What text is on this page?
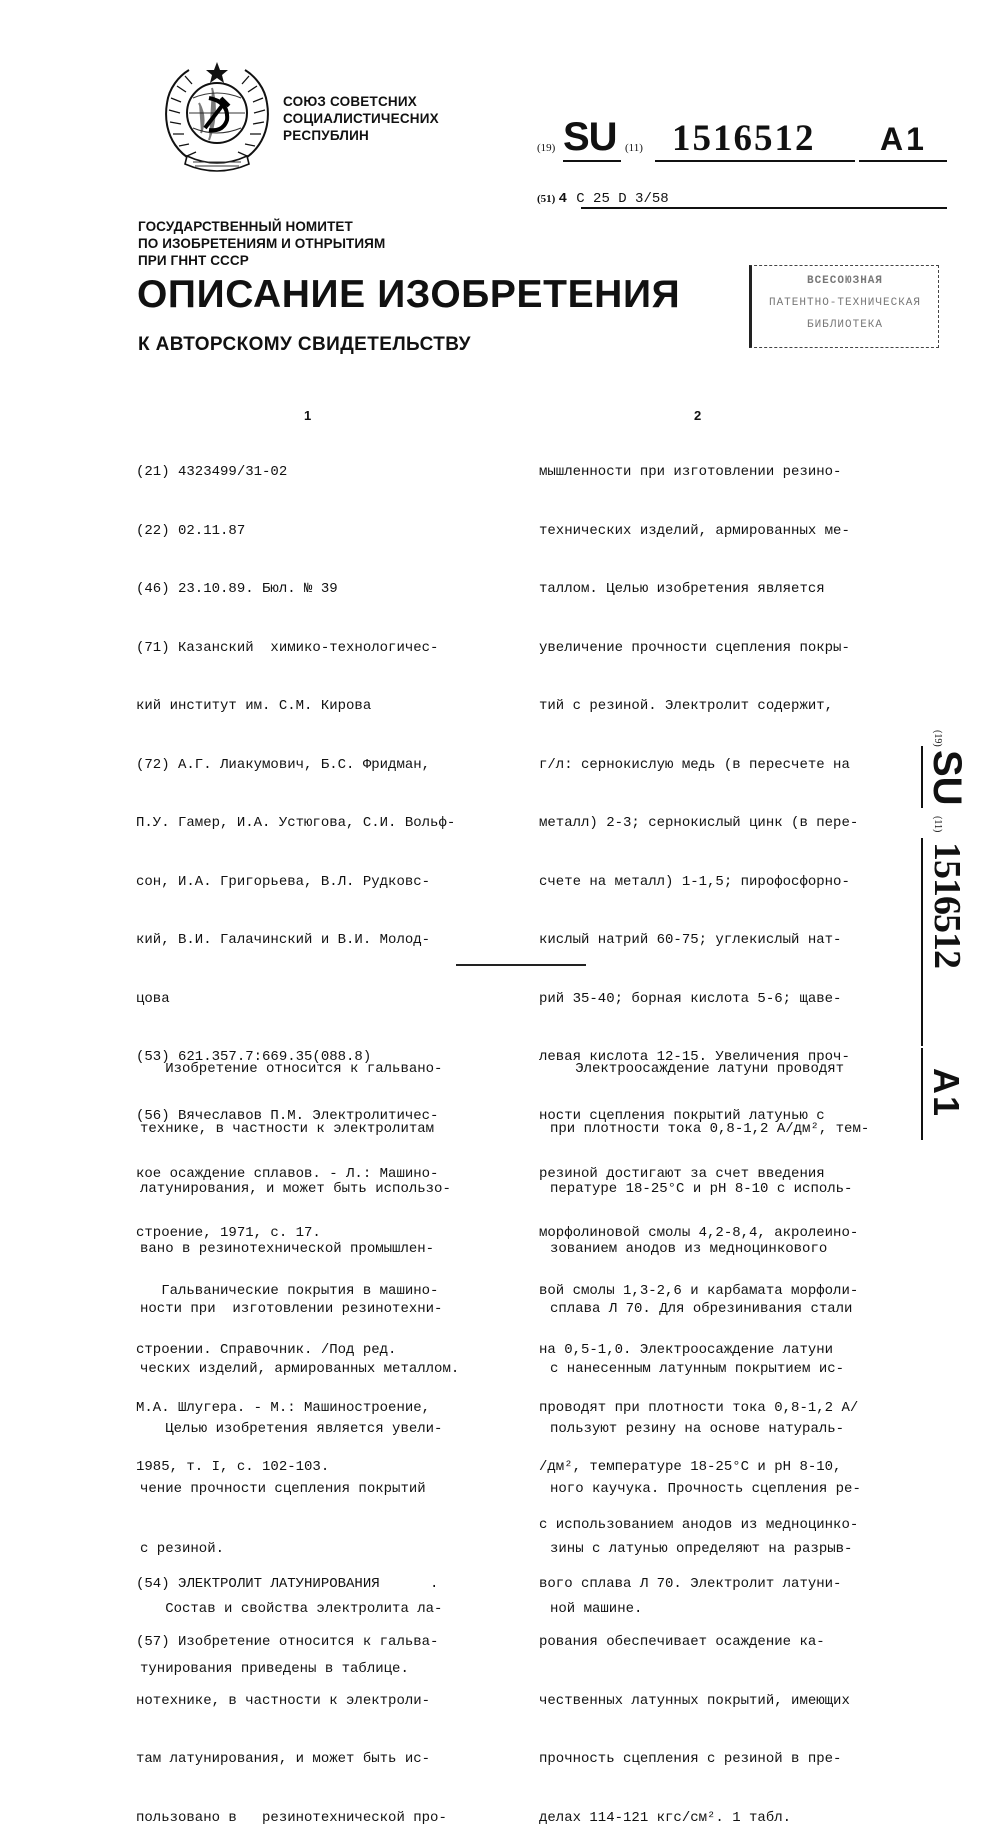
СОЮЗ СОВЕТСНИХ
СОЦИАЛИСТИЧЕСНИХ
РЕСПУБЛИН
(19) SU (11) 1516512 A1
(51) 4 C 25 D 3/58
ГОСУДАРСТВЕННЫЙ НОМИТЕТ
ПО ИЗОБРЕТЕНИЯМ И ОТНРЫТИЯМ
ПРИ ГННТ СССР
ОПИСАНИЕ ИЗОБРЕТЕНИЯ
К АВТОРСКОМУ СВИДЕТЕЛЬСТВУ
ВСЕСОЮЗНАЯ
ПАТЕНТНО-ТЕХНИЧЕСКАЯ
БИБЛИОТЕКА
1	2

(21) 4323499/31-02

(22) 02.11.87

(46) 23.10.89. Бюл. № 39

(71) Казанский  химико-технологичес-

кий институт им. С.М. Кирова

(72) А.Г. Лиакумович, Б.С. Фридман,

П.У. Гамер, И.А. Устюгова, С.И. Вольф-

сон, И.А. Григорьева, В.Л. Рудковс-

кий, В.И. Галачинский и В.И. Молод-

цова

(53) 621.357.7:669.35(088.8)

(56) Вячеславов П.М. Электролитичес-

кое осаждение сплавов. - Л.: Машино-

строение, 1971, с. 17.

Гальванические покрытия в машино-

строении. Справочник. /Под ред.

М.А. Шлугера. - М.: Машиностроение,

1985, т. I, с. 102-103.

(54) ЭЛЕКТРОЛИТ ЛАТУНИРОВАНИЯ      .

(57) Изобретение относится к гальва-

нотехнике, в частности к электроли-

там латунирования, и может быть ис-

пользовано в   резинотехнической про-

мышленности при изготовлении резино-

технических изделий, армированных ме-

таллом. Целью изобретения является

увеличение прочности сцепления покры-

тий с резиной. Электролит содержит,

г/л: сернокислую медь (в пересчете на

металл) 2-3; сернокислый цинк (в пере-

счете на металл) 1-1,5; пирофосфорно-

кислый натрий 60-75; углекислый нат-

рий 35-40; борная кислота 5-6; щаве-

левая кислота 12-15. Увеличения проч-

ности сцепления покрытий латунью с

резиной достигают за счет введения

морфолиновой смолы 4,2-8,4, акролеино-

вой смолы 1,3-2,6 и карбамата морфоли-

на 0,5-1,0. Электроосаждение латуни

проводят при плотности тока 0,8-1,2 А/

/дм², температуре 18-25°С и рН 8-10,

с использованием анодов из медноцинко-

вого сплава Л 70. Электролит латуни-

рования обеспечивает осаждение ка-

чественных латунных покрытий, имеющих

прочность сцепления с резиной в пре-

делах 114-121 кгс/см². 1 табл.

(19)
SU
(11)
1516512
A1

Изобретение относится к гальвано-

технике, в частности к электролитам

латунирования, и может быть использо-

вано в резинотехнической промышлен-

ности при  изготовлении резинотехни-

ческих изделий, армированных металлом.

Целью изобретения является увели-

чение прочности сцепления покрытий

с резиной.

Состав и свойства электролита ла-

тунирования приведены в таблице.

Электроосаждение латуни проводят

при плотности тока 0,8-1,2 А/дм², тем-

пературе 18-25°С и рН 8-10 с исполь-

зованием анодов из медноцинкового

сплава Л 70. Для обрезинивания стали

с нанесенным латунным покрытием ис-

пользуют резину на основе натураль-

ного каучука. Прочность сцепления ре-

зины с латунью определяют на разрыв-

ной машине.
